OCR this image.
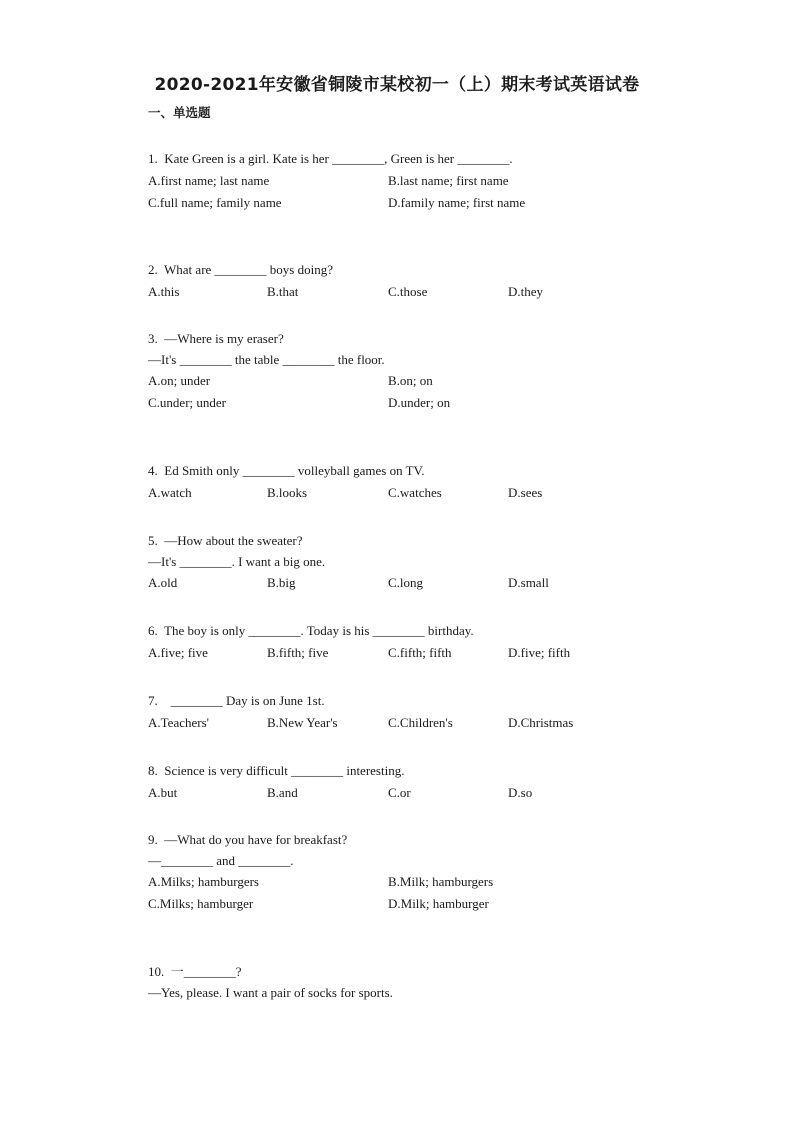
2020-2021年安徽省铜陵市某校初一（上）期末考试英语试卷
一、单选题
1. Kate Green is a girl. Kate is her ________, Green is her ________.
A.first name; last name	B.last name; first name
C.full name; family name	D.family name; first name
2. What are ________ boys doing?
A.this	B.that	C.those	D.they
3. —Where is my eraser?
—It's ________ the table ________ the floor.
A.on; under	B.on; on
C.under; under	D.under; on
4. Ed Smith only ________ volleyball games on TV.
A.watch	B.looks	C.watches	D.sees
5. —How about the sweater?
—It's ________. I want a big one.
A.old	B.big	C.long	D.small
6. The boy is only ________. Today is his ________ birthday.
A.five; five	B.fifth; five	C.fifth; fifth	D.five; fifth
7. ________ Day is on June 1st.
A.Teachers'	B.New Year's	C.Children's	D.Christmas
8. Science is very difficult ________ interesting.
A.but	B.and	C.or	D.so
9. —What do you have for breakfast?
—________ and ________.
A.Milks; hamburgers	B.Milk; hamburgers
C.Milks; hamburger	D.Milk; hamburger
10. 一________?
—Yes, please. I want a pair of socks for sports.
